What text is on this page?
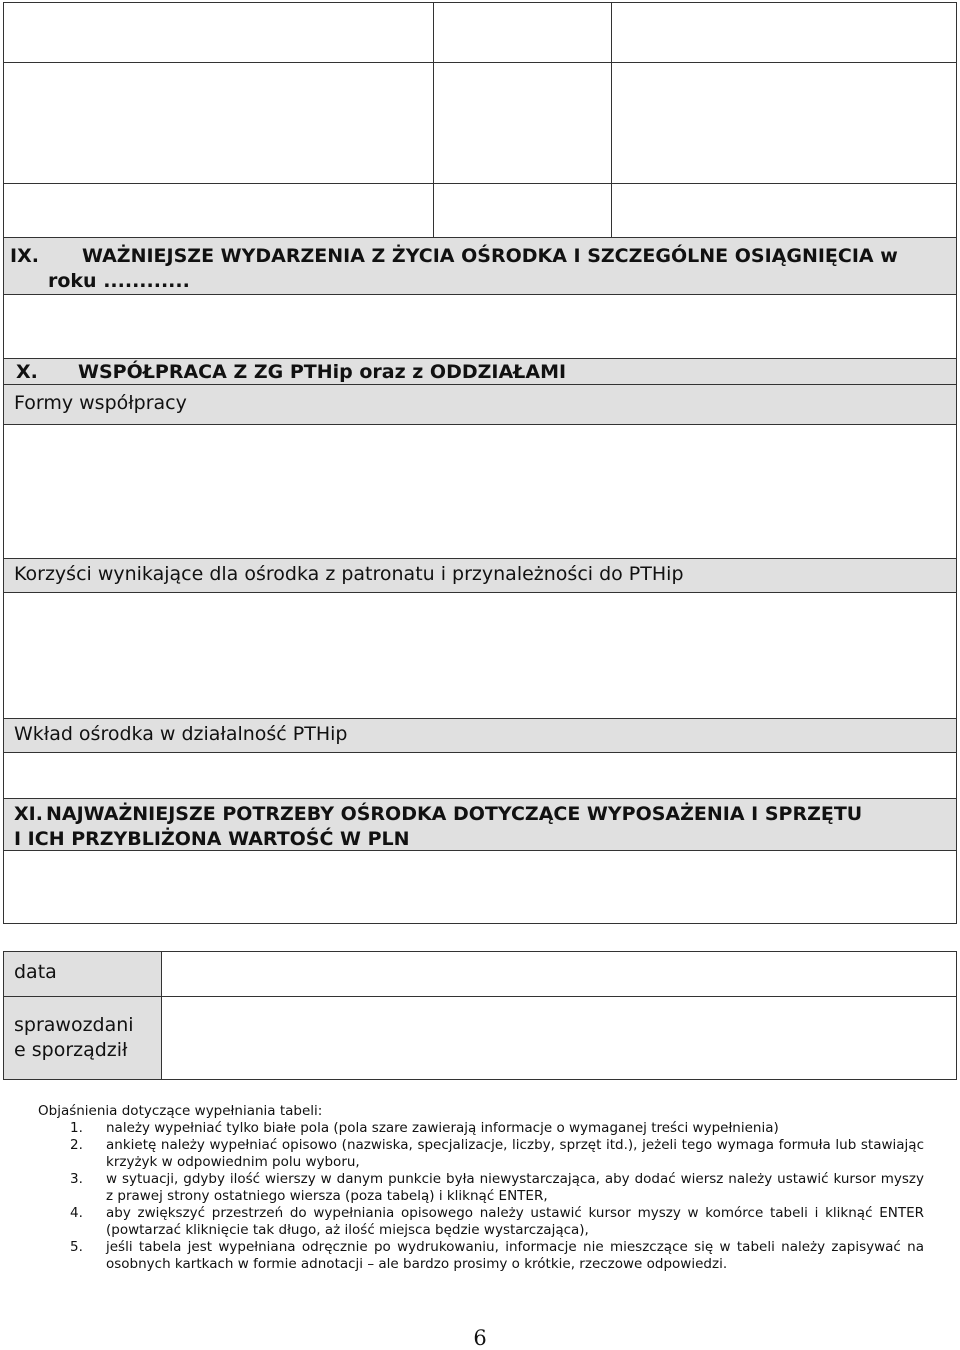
IX. WAŻNIEJSZE WYDARZENIA Z ŻYCIA OŚRODKA I SZCZEGÓLNE OSIĄGNIĘCIA w
roku ............
X. WSPÓŁPRACA Z ZG PTHip oraz z ODDZIAŁAMI
Formy współpracy
Korzyści wynikające dla ośrodka z patronatu i przynależności do PTHip
Wkład ośrodka w działalność PTHip
XI. NAJWAŻNIEJSZE POTRZEBY OŚRODKA DOTYCZĄCE WYPOSAŻENIA I SPRZĘTU
I ICH PRZYBLIŻONA WARTOŚĆ W PLN
data
sprawozdani
e sporządził
Objaśnienia dotyczące wypełniania tabeli:
1. należy wypełniać tylko białe pola (pola szare zawierają informacje o wymaganej treści wypełnienia)
2. ankietę należy wypełniać opisowo (nazwiska, specjalizacje, liczby, sprzęt itd.), jeżeli tego wymaga formuła lub stawiając krzyżyk w odpowiednim polu wyboru,
3. w sytuacji, gdyby ilość wierszy w danym punkcie była niewystarczająca, aby dodać wiersz należy ustawić kursor myszy z prawej strony ostatniego wiersza (poza tabelą) i kliknąć ENTER,
4. aby zwiększyć przestrzeń do wypełniania opisowego należy ustawić kursor myszy w komórce tabeli i kliknąć ENTER (powtarzać kliknięcie tak długo, aż ilość miejsca będzie wystarczająca),
5. jeśli tabela jest wypełniana odręcznie po wydrukowaniu, informacje nie mieszczące się w tabeli należy zapisywać na osobnych kartkach w formie adnotacji – ale bardzo prosimy o krótkie, rzeczowe odpowiedzi.
6
